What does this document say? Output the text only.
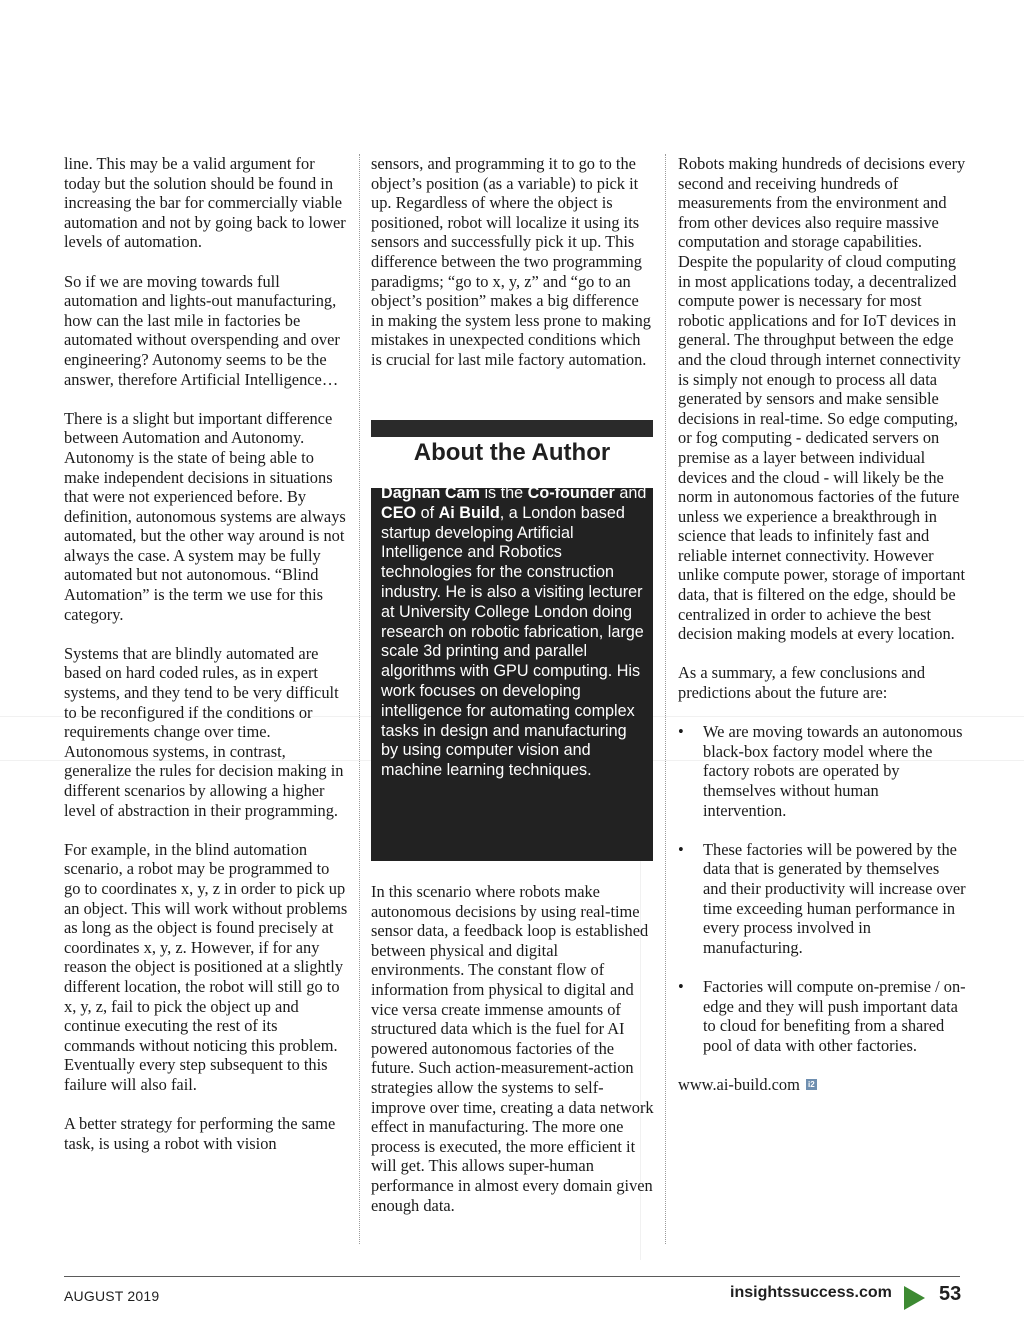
line. This may be a valid argument for today but the solution should be found in increasing the bar for commercially viable automation and not by going back to lower levels of automation.

So if we are moving towards full automation and lights-out manufacturing, how can the last mile in factories be automated without overspending and over engineering? Autonomy seems to be the answer, therefore Artificial Intelligence…

There is a slight but important difference between Automation and Autonomy. Autonomy is the state of being able to make independent decisions in situations that were not experienced before. By definition, autonomous systems are always automated, but the other way around is not always the case. A system may be fully automated but not autonomous. “Blind Automation” is the term we use for this category.

Systems that are blindly automated are based on hard coded rules, as in expert systems, and they tend to be very difficult to be reconfigured if the conditions or requirements change over time. Autonomous systems, in contrast, generalize the rules for decision making in different scenarios by allowing a higher level of abstraction in their programming.

For example, in the blind automation scenario, a robot may be programmed to go to coordinates x, y, z in order to pick up an object. This will work without problems as long as the object is found precisely at coordinates x, y, z. However, if for any reason the object is positioned at a slightly different location, the robot will still go to x, y, z, fail to pick the object up and continue executing the rest of its commands without noticing this problem. Eventually every step subsequent to this failure will also fail.

A better strategy for performing the same task, is using a robot with vision

sensors, and programming it to go to the object’s position (as a variable) to pick it up. Regardless of where the object is positioned, robot will localize it using its sensors and successfully pick it up. This difference between the two programming paradigms; “go to x, y, z” and “go to an object’s position” makes a big difference in making the system less prone to making mistakes in unexpected conditions which is crucial for last mile factory automation.

About the Author
Daghan Cam is the Co-founder and CEO of Ai Build, a London based startup developing Artificial Intelligence and Robotics technologies for the construction industry. He is also a visiting lecturer at University College London doing research on robotic fabrication, large scale 3d printing and parallel algorithms with GPU computing. His work focuses on developing intelligence for automating complex tasks in design and manufacturing by using computer vision and machine learning techniques.

In this scenario where robots make autonomous decisions by using real-time sensor data, a feedback loop is established between physical and digital environments. The constant flow of information from physical to digital and vice versa create immense amounts of structured data which is the fuel for AI powered autonomous factories of the future. Such action-measurement-action strategies allow the systems to self-improve over time, creating a data network effect in manufacturing. The more one process is executed, the more efficient it will get. This allows super-human performance in almost every domain given enough data.

Robots making hundreds of decisions every second and receiving hundreds of measurements from the environment and from other devices also require massive computation and storage capabilities. Despite the popularity of cloud computing in most applications today, a decentralized compute power is necessary for most robotic applications and for IoT devices in general. The throughput between the edge and the cloud through internet connectivity is simply not enough to process all data generated by sensors and make sensible decisions in real-time. So edge computing, or fog computing - dedicated servers on premise as a layer between individual devices and the cloud - will likely be the norm in autonomous factories of the future unless we experience a breakthrough in science that leads to infinitely fast and reliable internet connectivity. However unlike compute power, storage of important data, that is filtered on the edge, should be centralized in order to achieve the best decision making models at every location.

As a summary, a few conclusions and predictions about the future are:

• We are moving towards an autonomous black-box factory model where the factory robots are operated by themselves without human intervention.
• These factories will be powered by the data that is generated by themselves and their productivity will increase over time exceeding human performance in every process involved in manufacturing.
• Factories will compute on-premise / on-edge and they will push important data to cloud for benefiting from a shared pool of data with other factories.
www.ai-build.com i2
AUGUST 2019	insightssuccess.com 53
